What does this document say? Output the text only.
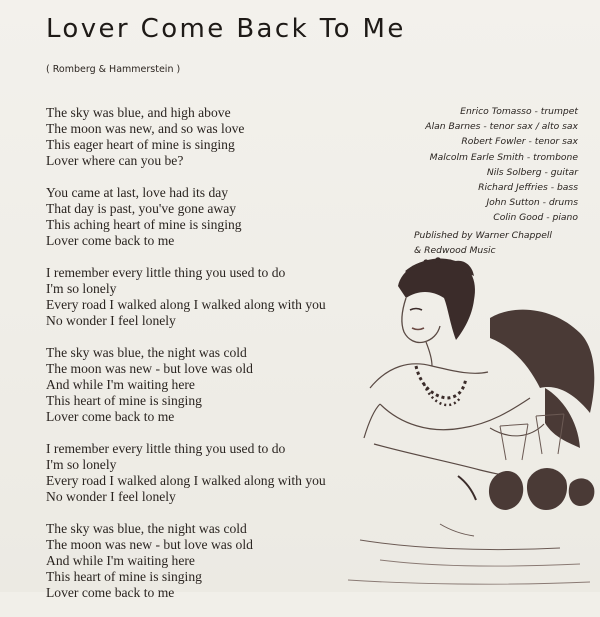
Lover Come Back To Me
( Romberg & Hammerstein )
The sky was blue, and high above
The moon was new, and so was love
This eager heart of mine is singing
Lover where can you be?
You came at last, love had its day
That day is past, you've gone away
This aching heart of mine is singing
Lover come back to me
I remember every little thing you used to do
I'm so lonely
Every road I walked along I walked along with you
No wonder I feel lonely
The sky was blue, the night was cold
The moon was new - but love was old
And while I'm waiting here
This heart of mine is singing
Lover come back to me
I remember every little thing you used to do
I'm so lonely
Every road I walked along I walked along with you
No wonder I feel lonely
The sky was blue, the night was cold
The moon was new - but love was old
And while I'm waiting here
This heart of mine is singing
Lover come back to me
Enrico Tomasso - trumpet
Alan Barnes - tenor sax / alto sax
Robert Fowler - tenor sax
Malcolm Earle Smith - trombone
Nils Solberg - guitar
Richard Jeffries - bass
John Sutton - drums
Colin Good - piano
Published by Warner Chappell
& Redwood Music
